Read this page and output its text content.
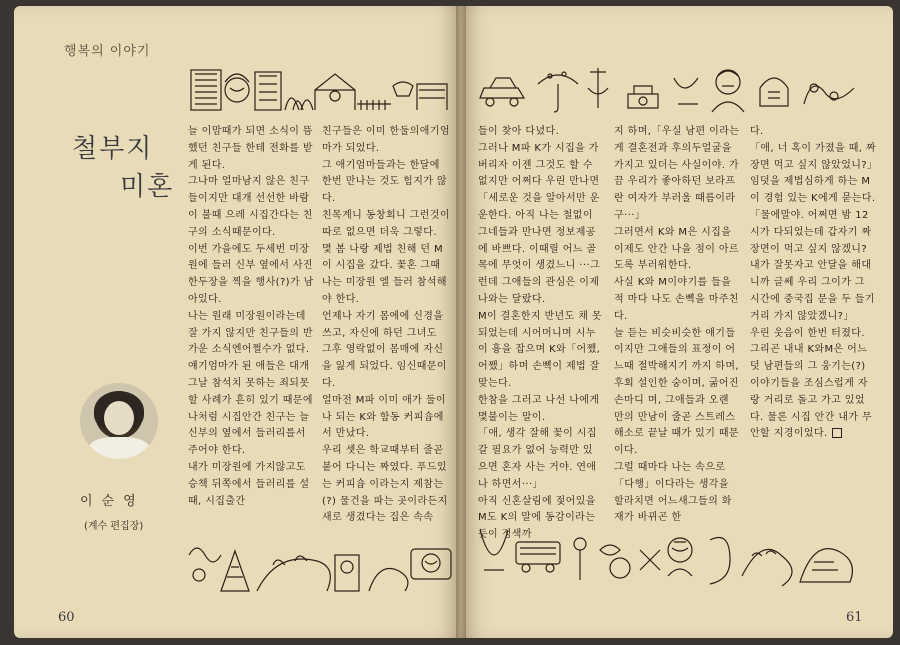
행복의 이야기
철부지
미혼
이순영
(계수 편집장)

늘 이맘때가 되면 소식이 뜸했던 친구들 한테 전화를 받게 된다.

그나마 얼마남지 않은 친구들이지만 대개 선선한 바람이 불때 으레 시집간다는 친구의 소식때문이다.

이번 가을에도 두세번 미장원에 들러 신부 옆에서 사진 한두장을 찍을 행사(?)가 남아있다.

나는 원래 미장원이라는데 잘 가지 않지만 친구들의 반가운 소식엔어쩔수가 없다.

얘기엄마가 된 애들은 대개 그날 참석치 못하는 죄되못할 사례가 흔히 있기 때문에 나처럼 시집안간 친구는 늘 신부의 옆에서 들러리를서 주어야 한다.

내가 미장원에 가지않고도 승책 뒤쪽에서 들러리를 설 때, 시집출간

친구들은 이미 한둘의애기엄마가 되었다.

그 애기엄마들과는 한달에 한번 만나는 것도 힘지가 않다.

친목계니 동창회니 그런것이 따로 없으면 더욱 그렇다.

몇 봄 나랑 제법 친해 던 M이 시집을 갔다. 꽃혼 그때 나는 미장원 엘 들러 참석해야 한다.

언제나 자기 몸에에 신경을 쓰고, 자신에 하던 그녀도 그후 영락없이 몸매에 자신을 잃게 되었다. 임신때문이다.

얼마전 M파 이미 애가 둘이나 되는 K와 함동 커피숍에서 만났다.

우리 셋은 학교때부터 줄곧 붙어 다니는 짜였다. 푸드있는 커피숍 이라는지 제참는(?) 물건을 파는 곳이라든지 새로 생겼다는 집은 속속

들이 찾아 다녔다.

그러나 M파 K가 시집을 가버리자 이젠 그것도 할 수 없지만 어쩌다 우린 만나면「세로운 것을 알아서만 운운한다. 아직 나는 철없이 그네들과 만나면 정보제공에 바쁘다. 이때릴 어느 골목에 무엇이 생겼느니 ···그런데 그애들의 관심은 이제 나와는 달랐다.

M이 결혼한지 반년도 채 못되었는데 시어머니며 시누이 흉을 잡으며 K와「어쨌, 어쨌」하며 손뼉이 제법 잘 맞는다.

한참을 그러고 나선 나에게 몇불이는 말이.

「애, 생각 잘해 꽃이 시집갈 필요가 없어 능력만 있으면 혼자 사는 거야. 연애나 하면서···」

아직 신혼살림에 젖어있을 M도 K의 말에 동감이라는 듯이 정색까

지 하며,「우실 남편 이라는게 결혼전과 후의두얼굴을 가지고 있더는 사실이야. 가끔 우리가 좋아하던 보라프란 여자가 부러울 때름이라구···」

그러면서 K와 M은 시집을 이제도 안간 나을 점이 아르도록 부러워한다.

사실 K와 M이야기를 들을적 마다 나도 손뼉을 마주친다.

늘 듣는 비슷비슷한 얘기들이지만 그애들의 표정이 어느때 절박해지기 까지 하며, 후회 설인한 숭이며, 굶어진 손마디 며, 그애들과 오랜 만의 만남이 줄곧 스트레스해소로 끝날 때가 있기 때문이다.

그럴 때마다 나는 속으로「다행」이다라는 생각을 할라치면 어느새그들의 화재가 바뀌곤 한

다.

「애, 너 혹이 가졌을 때, 짜장면 먹고 싶지 않았었니?」

임덧을 제법심하게 하는 M이 경험 있는 K에게 묻는다.

「물에말야. 어쩌면 밤 12시가 다되었는데 갑자기 짜장면이 먹고 싶지 않겠니? 내가 잘못자고 안달을 해대니까 글쎄 우리 그이가 그 시간에 중국집 문을 두 들기거리 가지 않았겠니?」

우린 웃음이 한번 터졌다. 그리곤 내내 K와M은 어느덧 남편들의 그 웅기는(?) 이야기들을 조심스럽게 자랑 거리로 돌고 가고 있었다. 물론 시집 안간 내가 무안할 지경이었다.

60	61
